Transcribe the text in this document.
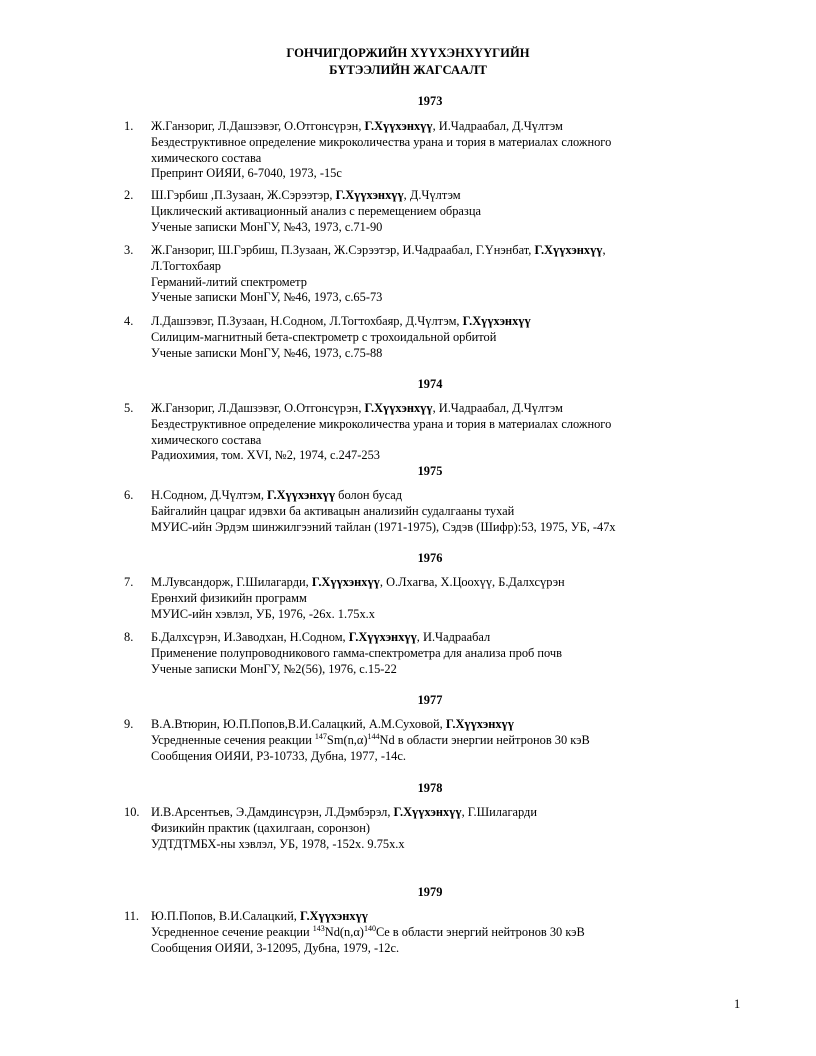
ГОНЧИГДОРЖИЙН ХҮҮХЭНХҮҮГИЙН
БҮТЭЭЛИЙН ЖАГСААЛТ
1973
1. Ж.Ганзориг, Л.Дашзэвэг, О.Отгонсүрэн, Г.Хүүхэнхүү, И.Чадраабал, Д.Чүлтэм
Бездеструктивное определение микроколичества урана и тория в материалах сложного
химического состава
Препринт ОИЯИ, 6-7040, 1973, -15с
2. Ш.Гэрбиш ,П.Зузаан, Ж.Сэрээтэр, Г.Хүүхэнхүү, Д.Чүлтэм
Циклический активационный анализ с перемещением образца
Ученые записки МонГУ, №43, 1973, с.71-90
3. Ж.Ганзориг, Ш.Гэрбиш, П.Зузаан, Ж.Сэрээтэр, И.Чадраабал, Г.Үнэнбат, Г.Хүүхэнхүү,
Л.Тогтохбаяр
Германий-литий спектрометр
Ученые записки МонГУ, №46, 1973, с.65-73
4. Л.Дашзэвэг, П.Зузаан, Н.Содном, Л.Тогтохбаяр, Д.Чүлтэм, Г.Хүүхэнхүү
Силицим-магнитный бета-спектрометр с трохоидальной орбитой
Ученые записки МонГУ, №46, 1973, с.75-88
1974
5. Ж.Ганзориг, Л.Дашзэвэг, О.Отгонсүрэн, Г.Хүүхэнхүү, И.Чадраабал, Д.Чүлтэм
Бездеструктивное определение микроколичества урана и тория в материалах сложного
химического состава
Радиохимия, том. XVI, №2, 1974, с.247-253
1975
6. Н.Содном, Д.Чүлтэм, Г.Хүүхэнхүү болон бусад
Байгалийн цацраг идэвхи ба активацын анализийн судалгааны тухай
МУИС-ийн Эрдэм шинжилгээний тайлан (1971-1975), Сэдэв (Шифр):53, 1975, УБ, -47х
1976
7. М.Лувсандорж, Г.Шилагарди, Г.Хүүхэнхүү, О.Лхагва, Х.Цоохүү, Б.Далхсүрэн
Ерөнхий физикийн программ
МУИС-ийн хэвлэл, УБ, 1976, -26х. 1.75х.х
8. Б.Далхсүрэн, И.Заводхан, Н.Содном, Г.Хүүхэнхүү, И.Чадраабал
Применение полупроводникового гамма-спектрометра для анализа проб почв
Ученые записки МонГУ, №2(56), 1976, с.15-22
1977
9. В.А.Втюрин, Ю.П.Попов,В.И.Салацкий, А.М.Суховой, Г.Хүүхэнхүү
Усредненные сечения реакции $^{147}Sm(n,\alpha)^{144}Nd$ в области энергии нейтронов 30 кэВ
Сообщения ОИЯИ, Р3-10733, Дубна, 1977, -14с.
1978
10. И.В.Арсентьев, Э.Дамдинсүрэн, Л.Дэмбэрэл, Г.Хүүхэнхүү, Г.Шилагарди
Физикийн практик (цахилгаан, соронзон)
УДТДТМБХ-ны хэвлэл, УБ, 1978, -152х. 9.75х.х
1979
11. Ю.П.Попов, В.И.Салацкий, Г.Хүүхэнхүү
Усредненное сечение реакции $^{143}Nd(n,\alpha)^{140}Ce$ в области энергий нейтронов 30 кэВ
Сообщения ОИЯИ, 3-12095, Дубна, 1979, -12с.
1
